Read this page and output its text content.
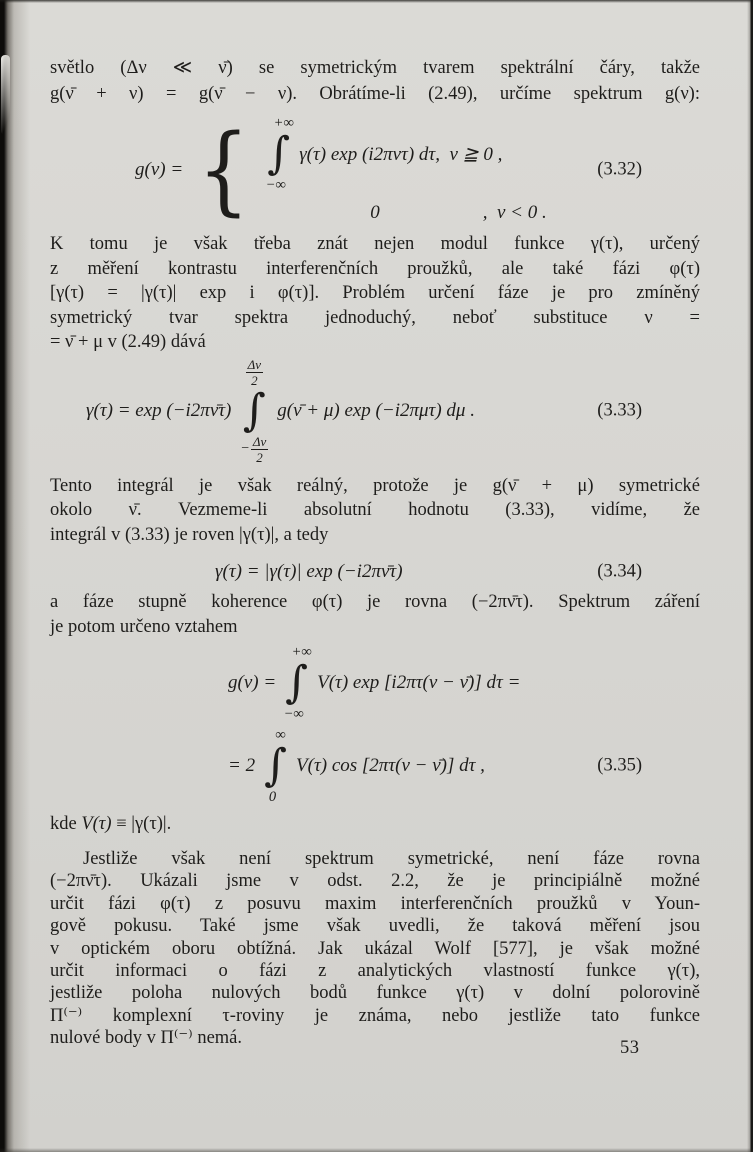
světlo (Δν ≪ ν̄) se symetrickým tvarem spektrální čáry, takže
g(ν̄ + ν) = g(ν̄ − ν). Obrátíme-li (2.49), určíme spektrum g(ν):
g(ν) = { +∞
∫
−∞
γ(τ) exp (i2πντ) dτ,  ν ≧ 0 ,
0	,  ν < 0 .
(3.32)
K tomu je však třeba znát nejen modul funkce γ(τ), určený
z měření kontrastu interferenčních proužků, ale také fázi φ(τ)
[γ(τ) = |γ(τ)| exp i φ(τ)]. Problém určení fáze je pro zmíněný
symetrický tvar spektra jednoduchý, neboť substituce ν =
= ν̄ + μ v (2.49) dává
γ(τ) = exp (−i2πν̄τ)
$\frac{\Delta\nu}{2}$
∫
− $\frac{\Delta\nu}{2}$
g(ν̄ + μ) exp (−i2πμτ) dμ .	(3.33)
Tento integrál je však reálný, protože je g(ν̄ + μ) symetrické
okolo ν̄. Vezmeme-li absolutní hodnotu (3.33), vidíme, že
integrál v (3.33) je roven |γ(τ)|, a tedy
γ(τ) = |γ(τ)| exp (−i2πν̄τ)	(3.34)
a fáze stupně koherence φ(τ) je rovna (−2πν̄τ). Spektrum záření
je potom určeno vztahem
g(ν) =
+∞
∫
−∞
V(τ) exp [i2πτ(ν − ν̄)] dτ =
= 2
∞
∫
0
V(τ) cos [2πτ(ν − ν̄)] dτ ,	(3.35)
kde V(τ) ≡ |γ(τ)|.
Jestliže však není spektrum symetrické, není fáze rovna
(−2πν̄τ). Ukázali jsme v odst. 2.2, že je principiálně možné
určit fázi φ(τ) z posuvu maxim interferenčních proužků v Youn-
gově pokusu. Také jsme však uvedli, že taková měření jsou
v optickém oboru obtížná. Jak ukázal Wolf [577], je však možné
určit informaci o fázi z analytických vlastností funkce γ(τ),
jestliže poloha nulových bodů funkce γ(τ) v dolní polorovině
Π⁽⁻⁾ komplexní τ-roviny je známa, nebo jestliže tato funkce
nulové body v Π⁽⁻⁾ nemá.	53
